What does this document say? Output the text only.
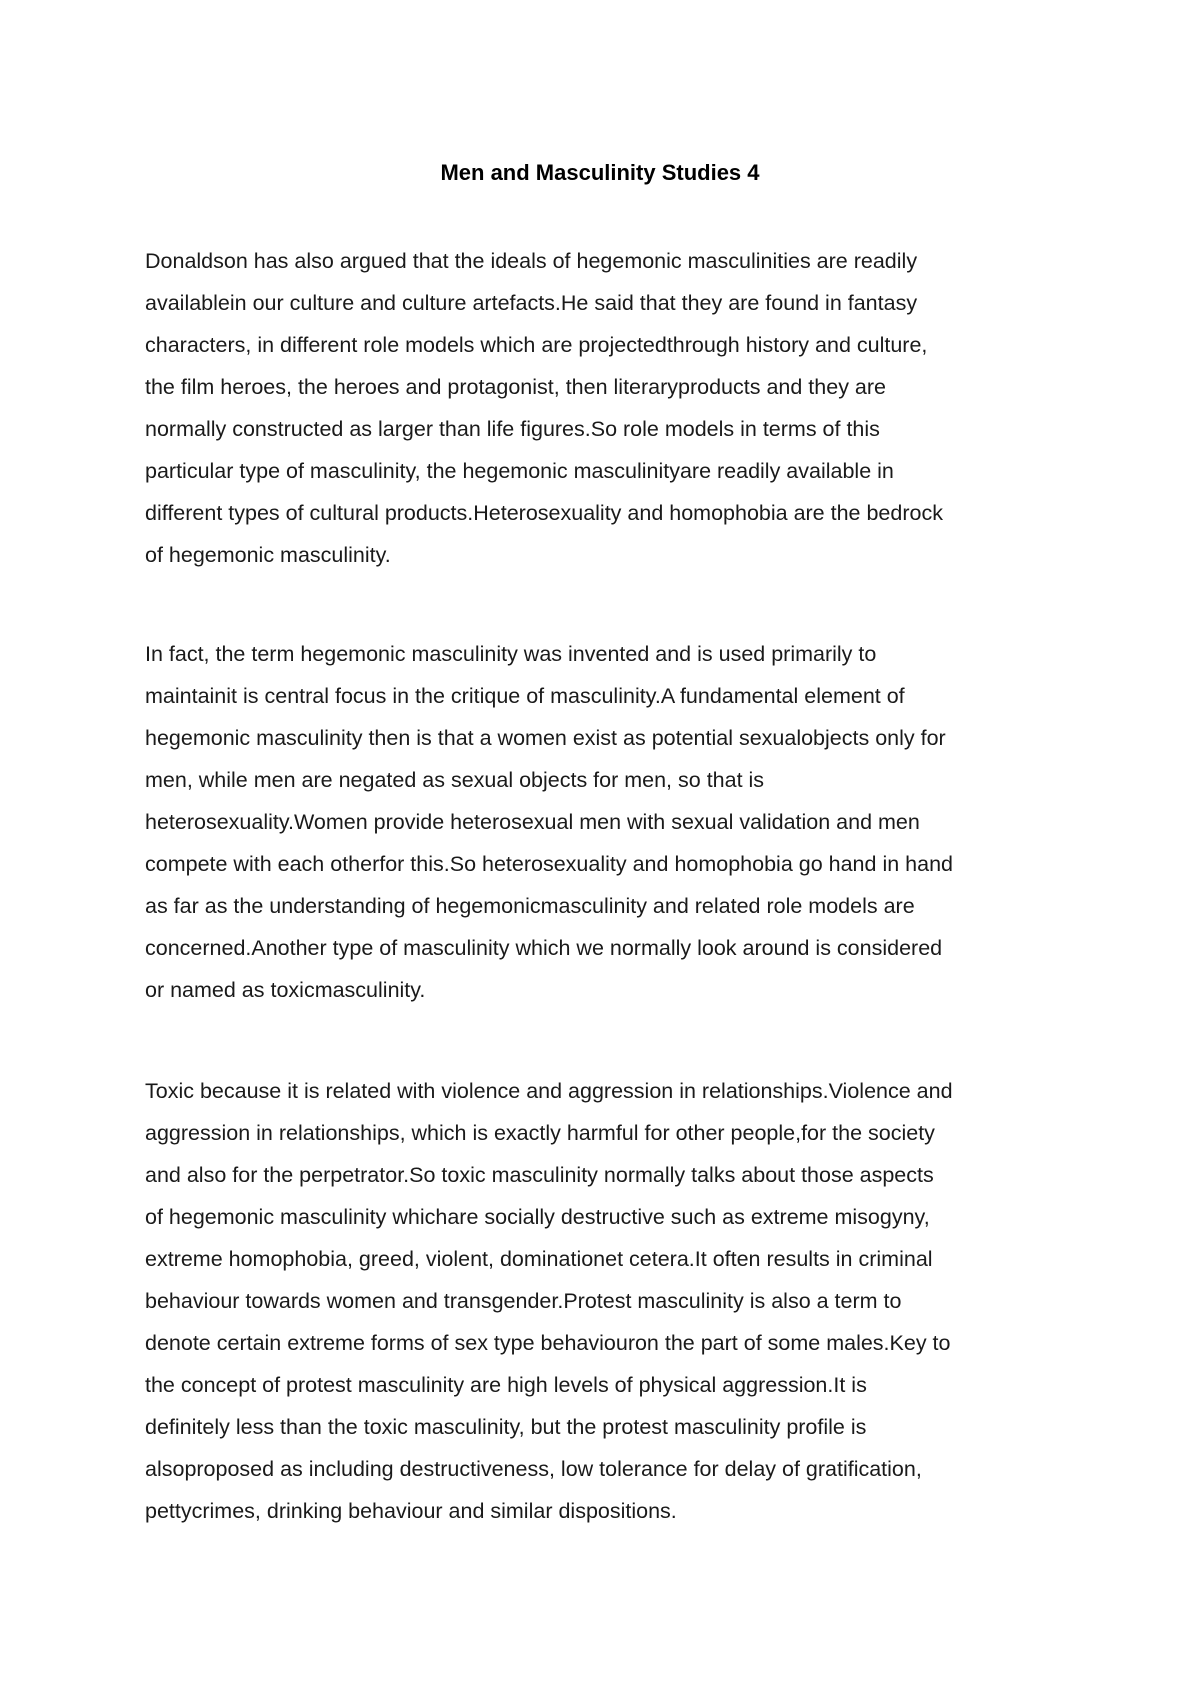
Men and Masculinity Studies 4

Donaldson has also argued that the ideals of hegemonic masculinities are readily
availablein our culture and culture artefacts.He said that they are found in fantasy
characters, in different role models which are projectedthrough history and culture,
the film heroes, the heroes and protagonist, then literaryproducts and they are
normally constructed as larger than life figures.So role models in terms of this
particular type of masculinity, the hegemonic masculinityare readily available in
different types of cultural products.Heterosexuality and homophobia are the bedrock
of hegemonic masculinity.

In fact, the term hegemonic masculinity was invented and is used primarily to
maintainit is central focus in the critique of masculinity.A fundamental element of
hegemonic masculinity then is that a women exist as potential sexualobjects only for
men, while men are negated as sexual objects for men, so that is
heterosexuality.Women provide heterosexual men with sexual validation and men
compete with each otherfor this.So heterosexuality and homophobia go hand in hand
as far as the understanding of hegemonicmasculinity and related role models are
concerned.Another type of masculinity which we normally look around is considered
or named as toxicmasculinity.

Toxic because it is related with violence and aggression in relationships.Violence and
aggression in relationships, which is exactly harmful for other people,for the society
and also for the perpetrator.So toxic masculinity normally talks about those aspects
of hegemonic masculinity whichare socially destructive such as extreme misogyny,
extreme homophobia, greed, violent, dominationet cetera.It often results in criminal
behaviour towards women and transgender.Protest masculinity is also a term to
denote certain extreme forms of sex type behaviouron the part of some males.Key to
the concept of protest masculinity are high levels of physical aggression.It is
definitely less than the toxic masculinity, but the protest masculinity profile is
alsoproposed as including destructiveness, low tolerance for delay of gratification,
pettycrimes, drinking behaviour and similar dispositions.
